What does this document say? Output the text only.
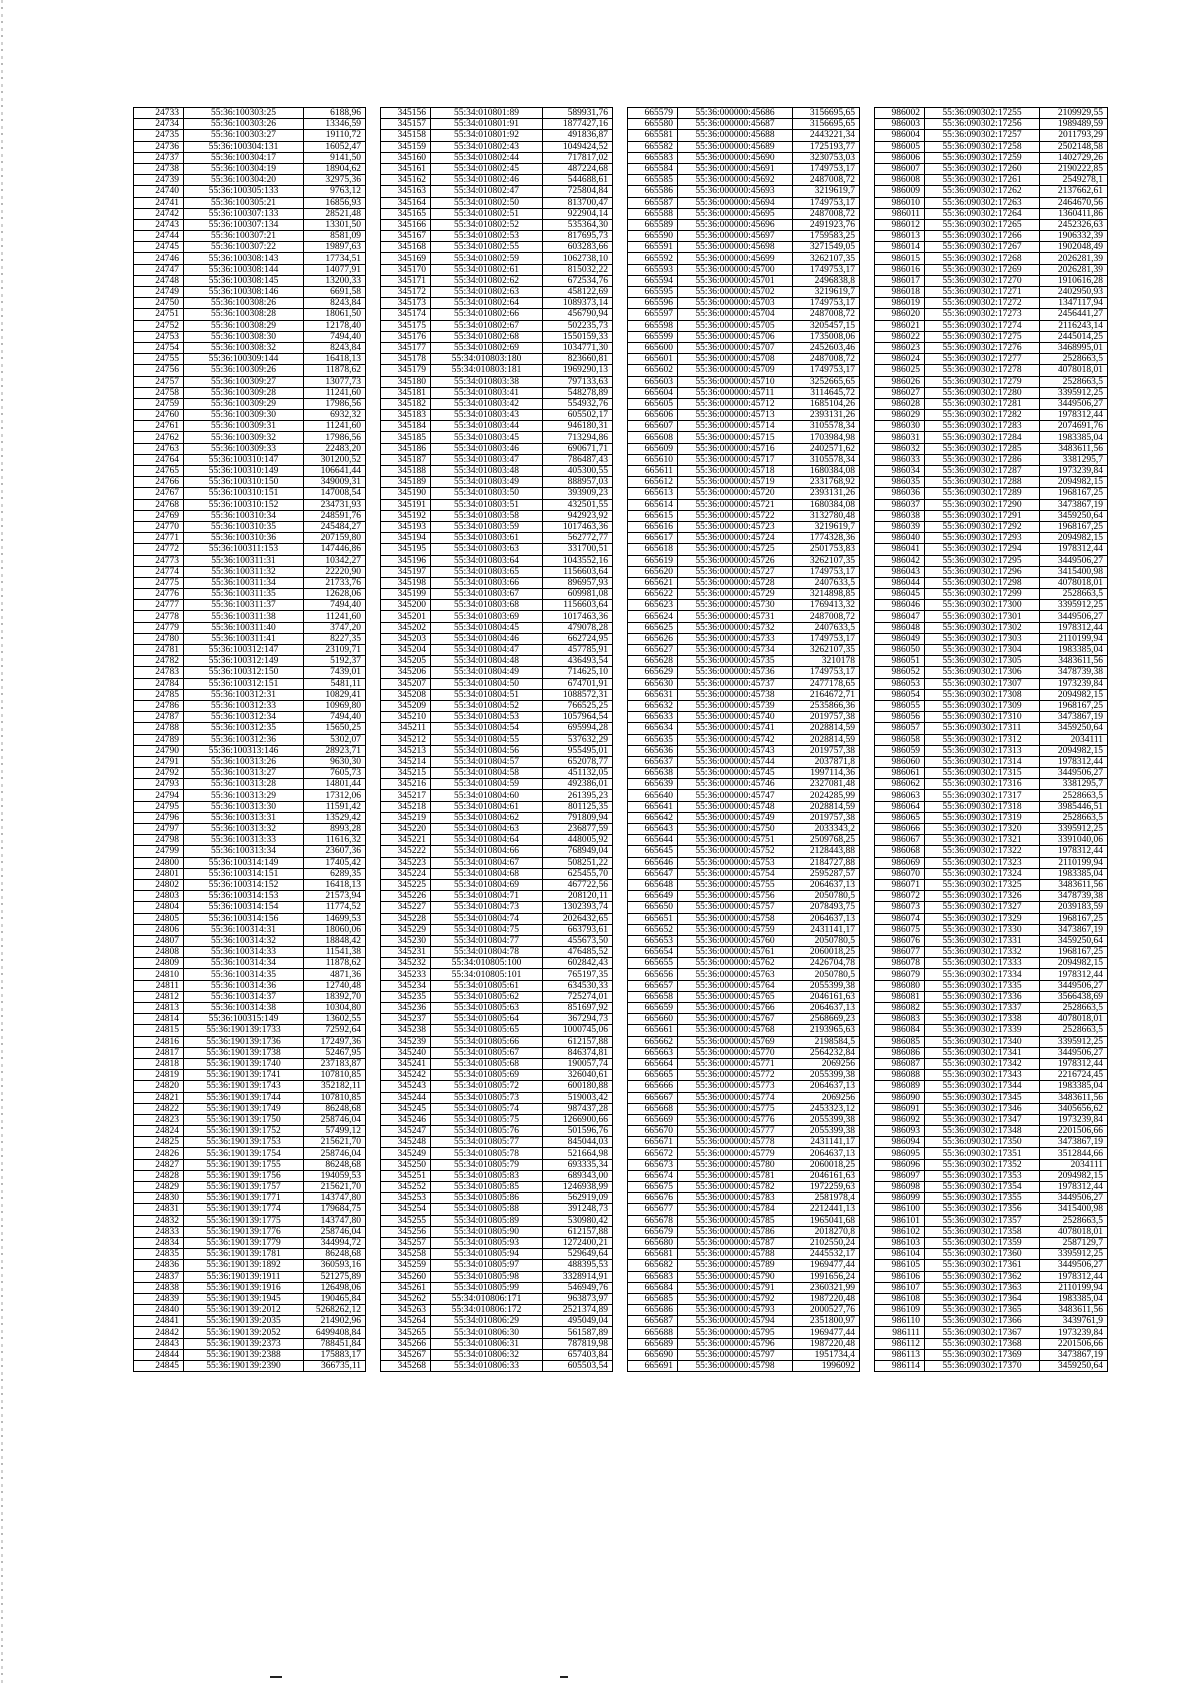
24733	55:36:100303:25	6188,96
24734	55:36:100303:26	13346,59
24735	55:36:100303:27	19110,72
24736	55:36:100304:131	16052,47
24737	55:36:100304:17	9141,50
24738	55:36:100304:19	18904,62
24739	55:36:100304:20	32975,36
24740	55:36:100305:133	9763,12
24741	55:36:100305:21	16856,93
24742	55:36:100307:133	28521,48
24743	55:36:100307:134	13301,50
24744	55:36:100307:21	8581,09
24745	55:36:100307:22	19897,63
24746	55:36:100308:143	17734,51
24747	55:36:100308:144	14077,91
24748	55:36:100308:145	13200,33
24749	55:36:100308:146	6691,58
24750	55:36:100308:26	8243,84
24751	55:36:100308:28	18061,50
24752	55:36:100308:29	12178,40
24753	55:36:100308:30	7494,40
24754	55:36:100308:32	8243,84
24755	55:36:100309:144	16418,13
24756	55:36:100309:26	11878,62
24757	55:36:100309:27	13077,73
24758	55:36:100309:28	11241,60
24759	55:36:100309:29	17986,56
24760	55:36:100309:30	6932,32
24761	55:36:100309:31	11241,60
24762	55:36:100309:32	17986,56
24763	55:36:100309:33	22483,20
24764	55:36:100310:147	301200,52
24765	55:36:100310:149	106641,44
24766	55:36:100310:150	349009,31
24767	55:36:100310:151	147008,54
24768	55:36:100310:152	234731,93
24769	55:36:100310:34	248591,76
24770	55:36:100310:35	245484,27
24771	55:36:100310:36	207159,80
24772	55:36:100311:153	147446,86
24773	55:36:100311:31	10342,27
24774	55:36:100311:32	22220,90
24775	55:36:100311:34	21733,76
24776	55:36:100311:35	12628,06
24777	55:36:100311:37	7494,40
24778	55:36:100311:38	11241,60
24779	55:36:100311:40	3747,20
24780	55:36:100311:41	8227,35
24781	55:36:100312:147	23109,71
24782	55:36:100312:149	5192,37
24783	55:36:100312:150	7439,01
24784	55:36:100312:151	5481,11
24785	55:36:100312:31	10829,41
24786	55:36:100312:33	10969,80
24787	55:36:100312:34	7494,40
24788	55:36:100312:35	15650,25
24789	55:36:100312:36	5302,07
24790	55:36:100313:146	28923,71
24791	55:36:100313:26	9630,30
24792	55:36:100313:27	7605,73
24793	55:36:100313:28	14801,44
24794	55:36:100313:29	17312,06
24795	55:36:100313:30	11591,42
24796	55:36:100313:31	13529,42
24797	55:36:100313:32	8993,28
24798	55:36:100313:33	11616,32
24799	55:36:100313:34	23607,36
24800	55:36:100314:149	17405,42
24801	55:36:100314:151	6289,35
24802	55:36:100314:152	16418,13
24803	55:36:100314:153	21573,94
24804	55:36:100314:154	11774,52
24805	55:36:100314:156	14699,53
24806	55:36:100314:31	18060,06
24807	55:36:100314:32	18848,42
24808	55:36:100314:33	11541,38
24809	55:36:100314:34	11878,62
24810	55:36:100314:35	4871,36
24811	55:36:100314:36	12740,48
24812	55:36:100314:37	18392,70
24813	55:36:100314:38	10304,80
24814	55:36:100315:149	13602,55
24815	55:36:190139:1733	72592,64
24816	55:36:190139:1736	172497,36
24817	55:36:190139:1738	52467,95
24818	55:36:190139:1740	237183,87
24819	55:36:190139:1741	107810,85
24820	55:36:190139:1743	352182,11
24821	55:36:190139:1744	107810,85
24822	55:36:190139:1749	86248,68
24823	55:36:190139:1750	258746,04
24824	55:36:190139:1752	57499,12
24825	55:36:190139:1753	215621,70
24826	55:36:190139:1754	258746,04
24827	55:36:190139:1755	86248,68
24828	55:36:190139:1756	194059,53
24829	55:36:190139:1757	215621,70
24830	55:36:190139:1771	143747,80
24831	55:36:190139:1774	179684,75
24832	55:36:190139:1775	143747,80
24833	55:36:190139:1776	258746,04
24834	55:36:190139:1779	344994,72
24835	55:36:190139:1781	86248,68
24836	55:36:190139:1892	360593,16
24837	55:36:190139:1911	521275,89
24838	55:36:190139:1916	126498,06
24839	55:36:190139:1945	190465,84
24840	55:36:190139:2012	5268262,12
24841	55:36:190139:2035	214902,96
24842	55:36:190139:2052	6499408,84
24843	55:36:190139:2373	788451,84
24844	55:36:190139:2388	175883,17
24845	55:36:190139:2390	366735,11
345156	55:34:010801:89	589931,76
345157	55:34:010801:91	1877427,16
345158	55:34:010801:92	491836,87
345159	55:34:010802:43	1049424,52
345160	55:34:010802:44	717817,02
345161	55:34:010802:45	487224,68
345162	55:34:010802:46	544688,61
345163	55:34:010802:47	725804,84
345164	55:34:010802:50	813700,47
345165	55:34:010802:51	922904,14
345166	55:34:010802:52	535364,30
345167	55:34:010802:53	817695,73
345168	55:34:010802:55	603283,66
345169	55:34:010802:59	1062738,10
345170	55:34:010802:61	815032,22
345171	55:34:010802:62	672534,76
345172	55:34:010802:63	458122,69
345173	55:34:010802:64	1089373,14
345174	55:34:010802:66	456790,94
345175	55:34:010802:67	502235,73
345176	55:34:010802:68	1550159,33
345177	55:34:010802:69	1034771,30
345178	55:34:010803:180	823660,81
345179	55:34:010803:181	1969290,13
345180	55:34:010803:38	797133,63
345181	55:34:010803:41	548278,89
345182	55:34:010803:42	554932,76
345183	55:34:010803:43	605502,17
345184	55:34:010803:44	946180,31
345185	55:34:010803:45	713294,86
345186	55:34:010803:46	690671,71
345187	55:34:010803:47	786487,43
345188	55:34:010803:48	405300,55
345189	55:34:010803:49	888957,03
345190	55:34:010803:50	393909,23
345191	55:34:010803:51	432501,55
345192	55:34:010803:58	942923,92
345193	55:34:010803:59	1017463,36
345194	55:34:010803:61	562772,77
345195	55:34:010803:63	331700,51
345196	55:34:010803:64	1043552,16
345197	55:34:010803:65	1156603,64
345198	55:34:010803:66	896957,93
345199	55:34:010803:67	609981,08
345200	55:34:010803:68	1156603,64
345201	55:34:010803:69	1017463,36
345202	55:34:010804:45	479078,28
345203	55:34:010804:46	662724,95
345204	55:34:010804:47	457785,91
345205	55:34:010804:48	436493,54
345206	55:34:010804:49	714625,10
345207	55:34:010804:50	674701,91
345208	55:34:010804:51	1088572,31
345209	55:34:010804:52	766525,25
345210	55:34:010804:53	1057964,54
345211	55:34:010804:54	695994,28
345212	55:34:010804:55	537632,29
345213	55:34:010804:56	955495,01
345214	55:34:010804:57	652078,77
345215	55:34:010804:58	451132,05
345216	55:34:010804:59	492386,01
345217	55:34:010804:60	261395,23
345218	55:34:010804:61	801125,35
345219	55:34:010804:62	791809,94
345220	55:34:010804:63	236877,59
345221	55:34:010804:64	448005,92
345222	55:34:010804:66	768949,04
345223	55:34:010804:67	508251,22
345224	55:34:010804:68	625455,70
345225	55:34:010804:69	467722,56
345226	55:34:010804:71	208120,11
345227	55:34:010804:73	1302393,74
345228	55:34:010804:74	2026432,65
345229	55:34:010804:75	663793,61
345230	55:34:010804:77	455673,50
345231	55:34:010804:78	476485,52
345232	55:34:010805:100	602842,43
345233	55:34:010805:101	765197,35
345234	55:34:010805:61	634530,33
345235	55:34:010805:62	725274,01
345236	55:34:010805:63	851697,92
345237	55:34:010805:64	367294,73
345238	55:34:010805:65	1000745,06
345239	55:34:010805:66	612157,88
345240	55:34:010805:67	846374,81
345241	55:34:010805:68	190057,74
345242	55:34:010805:69	326040,61
345243	55:34:010805:72	600180,88
345244	55:34:010805:73	519003,42
345245	55:34:010805:74	987437,28
345246	55:34:010805:75	1266900,66
345247	55:34:010805:76	501596,76
345248	55:34:010805:77	845044,03
345249	55:34:010805:78	521664,98
345250	55:34:010805:79	693335,34
345251	55:34:010805:83	689343,00
345252	55:34:010805:85	1246938,99
345253	55:34:010805:86	562919,09
345254	55:34:010805:88	391248,73
345255	55:34:010805:89	530980,42
345256	55:34:010805:90	612157,88
345257	55:34:010805:93	1272400,21
345258	55:34:010805:94	529649,64
345259	55:34:010805:97	488395,53
345260	55:34:010805:98	3328914,91
345261	55:34:010805:99	546949,76
345262	55:34:010806:171	963873,97
345263	55:34:010806:172	2521374,89
345264	55:34:010806:29	495049,04
345265	55:34:010806:30	561587,89
345266	55:34:010806:31	787819,98
345267	55:34:010806:32	657403,84
345268	55:34:010806:33	605503,54
665579	55:36:000000:45686	3156695,65
665580	55:36:000000:45687	3156695,65
665581	55:36:000000:45688	2443221,34
665582	55:36:000000:45689	1725193,77
665583	55:36:000000:45690	3230753,03
665584	55:36:000000:45691	1749753,17
665585	55:36:000000:45692	2487008,72
665586	55:36:000000:45693	3219619,7
665587	55:36:000000:45694	1749753,17
665588	55:36:000000:45695	2487008,72
665589	55:36:000000:45696	2491923,76
665590	55:36:000000:45697	1759583,25
665591	55:36:000000:45698	3271549,05
665592	55:36:000000:45699	3262107,35
665593	55:36:000000:45700	1749753,17
665594	55:36:000000:45701	2496838,8
665595	55:36:000000:45702	3219619,7
665596	55:36:000000:45703	1749753,17
665597	55:36:000000:45704	2487008,72
665598	55:36:000000:45705	3205457,15
665599	55:36:000000:45706	1735008,06
665600	55:36:000000:45707	2452603,46
665601	55:36:000000:45708	2487008,72
665602	55:36:000000:45709	1749753,17
665603	55:36:000000:45710	3252665,65
665604	55:36:000000:45711	3114645,72
665605	55:36:000000:45712	1685104,26
665606	55:36:000000:45713	2393131,26
665607	55:36:000000:45714	3105578,34
665608	55:36:000000:45715	1703984,98
665609	55:36:000000:45716	2402571,62
665610	55:36:000000:45717	3105578,34
665611	55:36:000000:45718	1680384,08
665612	55:36:000000:45719	2331768,92
665613	55:36:000000:45720	2393131,26
665614	55:36:000000:45721	1680384,08
665615	55:36:000000:45722	3132780,48
665616	55:36:000000:45723	3219619,7
665617	55:36:000000:45724	1774328,36
665618	55:36:000000:45725	2501753,83
665619	55:36:000000:45726	3262107,35
665620	55:36:000000:45727	1749753,17
665621	55:36:000000:45728	2407633,5
665622	55:36:000000:45729	3214898,85
665623	55:36:000000:45730	1769413,32
665624	55:36:000000:45731	2487008,72
665625	55:36:000000:45732	2407633,5
665626	55:36:000000:45733	1749753,17
665627	55:36:000000:45734	3262107,35
665628	55:36:000000:45735	3210178
665629	55:36:000000:45736	1749753,17
665630	55:36:000000:45737	2477178,65
665631	55:36:000000:45738	2164672,71
665632	55:36:000000:45739	2535866,36
665633	55:36:000000:45740	2019757,38
665634	55:36:000000:45741	2028814,59
665635	55:36:000000:45742	2028814,59
665636	55:36:000000:45743	2019757,38
665637	55:36:000000:45744	2037871,8
665638	55:36:000000:45745	1997114,36
665639	55:36:000000:45746	2327081,48
665640	55:36:000000:45747	2024285,99
665641	55:36:000000:45748	2028814,59
665642	55:36:000000:45749	2019757,38
665643	55:36:000000:45750	2033343,2
665644	55:36:000000:45751	2509768,25
665645	55:36:000000:45752	2128443,88
665646	55:36:000000:45753	2184727,88
665647	55:36:000000:45754	2595287,57
665648	55:36:000000:45755	2064637,13
665649	55:36:000000:45756	2050780,5
665650	55:36:000000:45757	2078493,75
665651	55:36:000000:45758	2064637,13
665652	55:36:000000:45759	2431141,17
665653	55:36:000000:45760	2050780,5
665654	55:36:000000:45761	2060018,25
665655	55:36:000000:45762	2426704,78
665656	55:36:000000:45763	2050780,5
665657	55:36:000000:45764	2055399,38
665658	55:36:000000:45765	2046161,63
665659	55:36:000000:45766	2064637,13
665660	55:36:000000:45767	2568669,23
665661	55:36:000000:45768	2193965,63
665662	55:36:000000:45769	2198584,5
665663	55:36:000000:45770	2564232,84
665664	55:36:000000:45771	2069256
665665	55:36:000000:45772	2055399,38
665666	55:36:000000:45773	2064637,13
665667	55:36:000000:45774	2069256
665668	55:36:000000:45775	2453323,12
665669	55:36:000000:45776	2055399,38
665670	55:36:000000:45777	2055399,38
665671	55:36:000000:45778	2431141,17
665672	55:36:000000:45779	2064637,13
665673	55:36:000000:45780	2060018,25
665674	55:36:000000:45781	2046161,63
665675	55:36:000000:45782	1972259,63
665676	55:36:000000:45783	2581978,4
665677	55:36:000000:45784	2212441,13
665678	55:36:000000:45785	1965041,68
665679	55:36:000000:45786	2018270,8
665680	55:36:000000:45787	2102550,24
665681	55:36:000000:45788	2445532,17
665682	55:36:000000:45789	1969477,44
665683	55:36:000000:45790	1991656,24
665684	55:36:000000:45791	2360321,99
665685	55:36:000000:45792	1987220,48
665686	55:36:000000:45793	2000527,76
665687	55:36:000000:45794	2351800,97
665688	55:36:000000:45795	1969477,44
665689	55:36:000000:45796	1987220,48
665690	55:36:000000:45797	1951734,4
665691	55:36:000000:45798	1996092
986002	55:36:090302:17255	2109929,55
986003	55:36:090302:17256	1989489,59
986004	55:36:090302:17257	2011793,29
986005	55:36:090302:17258	2502148,58
986006	55:36:090302:17259	1402729,26
986007	55:36:090302:17260	2190222,85
986008	55:36:090302:17261	2549278,1
986009	55:36:090302:17262	2137662,61
986010	55:36:090302:17263	2464670,56
986011	55:36:090302:17264	1360411,86
986012	55:36:090302:17265	2452326,63
986013	55:36:090302:17266	1906332,39
986014	55:36:090302:17267	1902048,49
986015	55:36:090302:17268	2026281,39
986016	55:36:090302:17269	2026281,39
986017	55:36:090302:17270	1910616,28
986018	55:36:090302:17271	2402950,93
986019	55:36:090302:17272	1347117,94
986020	55:36:090302:17273	2456441,27
986021	55:36:090302:17274	2116243,14
986022	55:36:090302:17275	2445014,25
986023	55:36:090302:17276	3468995,01
986024	55:36:090302:17277	2528663,5
986025	55:36:090302:17278	4078018,01
986026	55:36:090302:17279	2528663,5
986027	55:36:090302:17280	3395912,25
986028	55:36:090302:17281	3449506,27
986029	55:36:090302:17282	1978312,44
986030	55:36:090302:17283	2074691,76
986031	55:36:090302:17284	1983385,04
986032	55:36:090302:17285	3483611,56
986033	55:36:090302:17286	3381295,7
986034	55:36:090302:17287	1973239,84
986035	55:36:090302:17288	2094982,15
986036	55:36:090302:17289	1968167,25
986037	55:36:090302:17290	3473867,19
986038	55:36:090302:17291	3459250,64
986039	55:36:090302:17292	1968167,25
986040	55:36:090302:17293	2094982,15
986041	55:36:090302:17294	1978312,44
986042	55:36:090302:17295	3449506,27
986043	55:36:090302:17296	3415400,98
986044	55:36:090302:17298	4078018,01
986045	55:36:090302:17299	2528663,5
986046	55:36:090302:17300	3395912,25
986047	55:36:090302:17301	3449506,27
986048	55:36:090302:17302	1978312,44
986049	55:36:090302:17303	2110199,94
986050	55:36:090302:17304	1983385,04
986051	55:36:090302:17305	3483611,56
986052	55:36:090302:17306	3478739,38
986053	55:36:090302:17307	1973239,84
986054	55:36:090302:17308	2094982,15
986055	55:36:090302:17309	1968167,25
986056	55:36:090302:17310	3473867,19
986057	55:36:090302:17311	3459250,64
986058	55:36:090302:17312	2034111
986059	55:36:090302:17313	2094982,15
986060	55:36:090302:17314	1978312,44
986061	55:36:090302:17315	3449506,27
986062	55:36:090302:17316	3381295,7
986063	55:36:090302:17317	2528663,5
986064	55:36:090302:17318	3985446,51
986065	55:36:090302:17319	2528663,5
986066	55:36:090302:17320	3395912,25
986067	55:36:090302:17321	3391040,06
986068	55:36:090302:17322	1978312,44
986069	55:36:090302:17323	2110199,94
986070	55:36:090302:17324	1983385,04
986071	55:36:090302:17325	3483611,56
986072	55:36:090302:17326	3478739,38
986073	55:36:090302:17327	2039183,59
986074	55:36:090302:17329	1968167,25
986075	55:36:090302:17330	3473867,19
986076	55:36:090302:17331	3459250,64
986077	55:36:090302:17332	1968167,25
986078	55:36:090302:17333	2094982,15
986079	55:36:090302:17334	1978312,44
986080	55:36:090302:17335	3449506,27
986081	55:36:090302:17336	3566438,69
986082	55:36:090302:17337	2528663,5
986083	55:36:090302:17338	4078018,01
986084	55:36:090302:17339	2528663,5
986085	55:36:090302:17340	3395912,25
986086	55:36:090302:17341	3449506,27
986087	55:36:090302:17342	1978312,44
986088	55:36:090302:17343	2216724,45
986089	55:36:090302:17344	1983385,04
986090	55:36:090302:17345	3483611,56
986091	55:36:090302:17346	3405656,62
986092	55:36:090302:17347	1973239,84
986093	55:36:090302:17348	2201506,66
986094	55:36:090302:17350	3473867,19
986095	55:36:090302:17351	3512844,66
986096	55:36:090302:17352	2034111
986097	55:36:090302:17353	2094982,15
986098	55:36:090302:17354	1978312,44
986099	55:36:090302:17355	3449506,27
986100	55:36:090302:17356	3415400,98
986101	55:36:090302:17357	2528663,5
986102	55:36:090302:17358	4078018,01
986103	55:36:090302:17359	2587129,7
986104	55:36:090302:17360	3395912,25
986105	55:36:090302:17361	3449506,27
986106	55:36:090302:17362	1978312,44
986107	55:36:090302:17363	2110199,94
986108	55:36:090302:17364	1983385,04
986109	55:36:090302:17365	3483611,56
986110	55:36:090302:17366	3439761,9
986111	55:36:090302:17367	1973239,84
986112	55:36:090302:17368	2201506,66
986113	55:36:090302:17369	3473867,19
986114	55:36:090302:17370	3459250,64
